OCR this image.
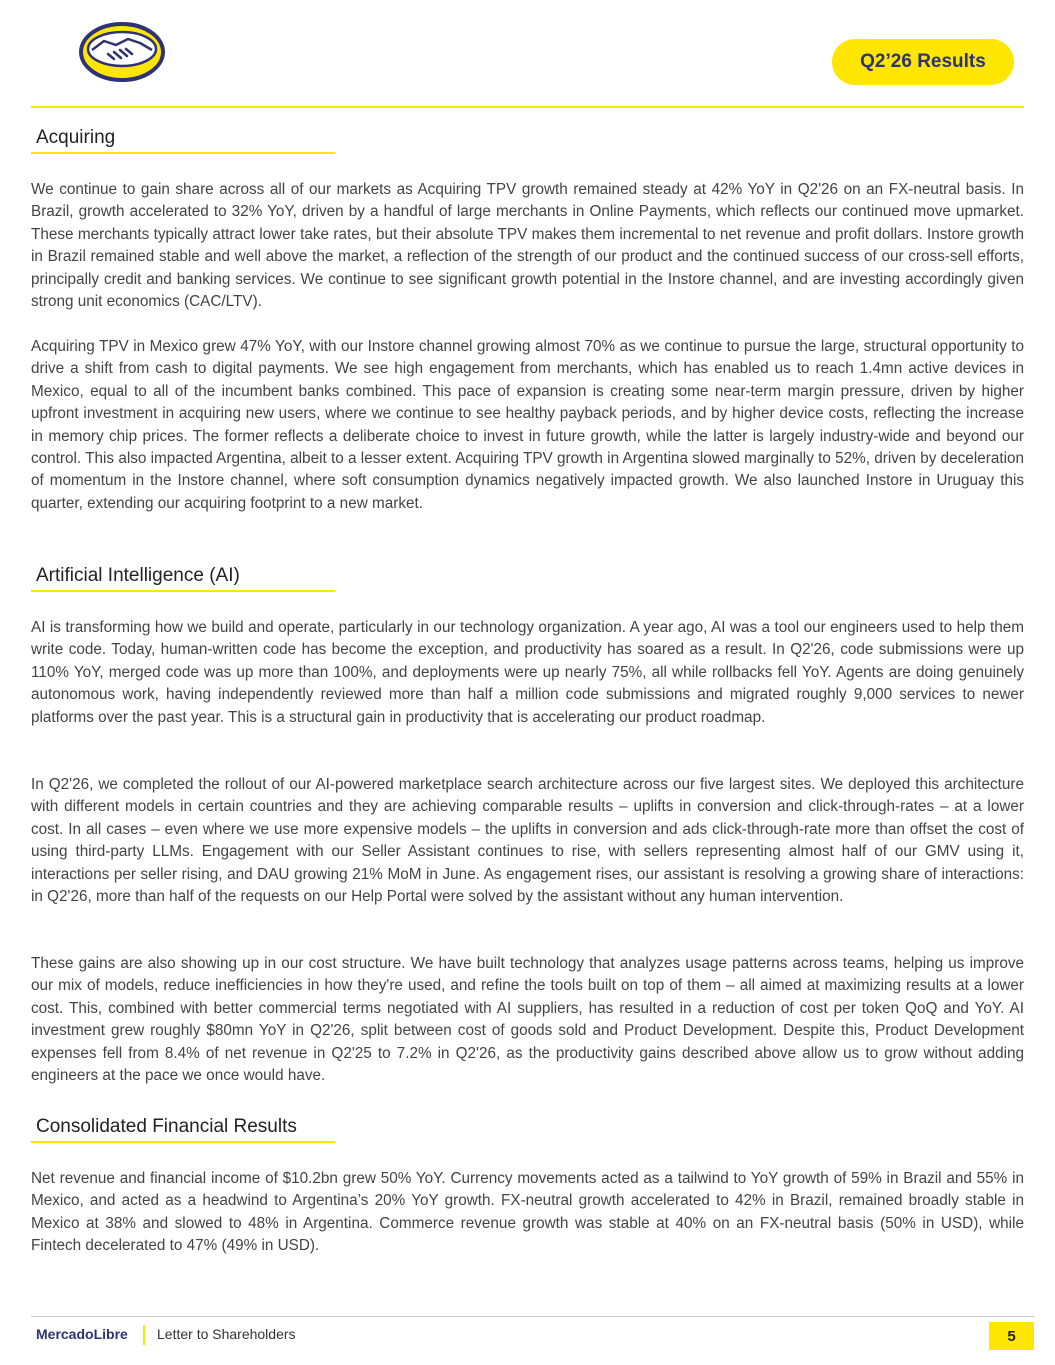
Q2’26 Results
Acquiring

We continue to gain share across all of our markets as Acquiring TPV growth remained steady at 42% YoY in Q2'26 on an FX-neutral basis. In Brazil, growth accelerated to 32% YoY, driven by a handful of large merchants in Online Payments, which reflects our continued move upmarket. These merchants typically attract lower take rates, but their absolute TPV makes them incremental to net revenue and profit dollars. Instore growth in Brazil remained stable and well above the market, a reflection of the strength of our product and the continued success of our cross-sell efforts, principally credit and banking services. We continue to see significant growth potential in the Instore channel, and are investing accordingly given strong unit economics (CAC/LTV).

Acquiring TPV in Mexico grew 47% YoY, with our Instore channel growing almost 70% as we continue to pursue the large, structural opportunity to drive a shift from cash to digital payments. We see high engagement from merchants, which has enabled us to reach 1.4mn active devices in Mexico, equal to all of the incumbent banks combined. This pace of expansion is creating some near-term margin pressure, driven by higher upfront investment in acquiring new users, where we continue to see healthy payback periods, and by higher device costs, reflecting the increase in memory chip prices. The former reflects a deliberate choice to invest in future growth, while the latter is largely industry-wide and beyond our control. This also impacted Argentina, albeit to a lesser extent. Acquiring TPV growth in Argentina slowed marginally to 52%, driven by deceleration of momentum in the Instore channel, where soft consumption dynamics negatively impacted growth. We also launched Instore in Uruguay this quarter, extending our acquiring footprint to a new market.

Artificial Intelligence (AI)

AI is transforming how we build and operate, particularly in our technology organization. A year ago, AI was a tool our engineers used to help them write code. Today, human-written code has become the exception, and productivity has soared as a result. In Q2'26, code submissions were up 110% YoY, merged code was up more than 100%, and deployments were up nearly 75%, all while rollbacks fell YoY. Agents are doing genuinely autonomous work, having independently reviewed more than half a million code submissions and migrated roughly 9,000 services to newer platforms over the past year. This is a structural gain in productivity that is accelerating our product roadmap.

In Q2'26, we completed the rollout of our AI-powered marketplace search architecture across our five largest sites. We deployed this architecture with different models in certain countries and they are achieving comparable results – uplifts in conversion and click-through-rates – at a lower cost. In all cases – even where we use more expensive models – the uplifts in conversion and ads click-through-rate more than offset the cost of using third-party LLMs. Engagement with our Seller Assistant continues to rise, with sellers representing almost half of our GMV using it, interactions per seller rising, and DAU growing 21% MoM in June. As engagement rises, our assistant is resolving a growing share of interactions: in Q2'26, more than half of the requests on our Help Portal were solved by the assistant without any human intervention.

These gains are also showing up in our cost structure. We have built technology that analyzes usage patterns across teams, helping us improve our mix of models, reduce inefficiencies in how they're used, and refine the tools built on top of them – all aimed at maximizing results at a lower cost. This, combined with better commercial terms negotiated with AI suppliers, has resulted in a reduction of cost per token QoQ and YoY. AI investment grew roughly $80mn YoY in Q2'26, split between cost of goods sold and Product Development. Despite this, Product Development expenses fell from 8.4% of net revenue in Q2'25 to 7.2% in Q2'26, as the productivity gains described above allow us to grow without adding engineers at the pace we once would have.

Consolidated Financial Results

Net revenue and financial income of $10.2bn grew 50% YoY. Currency movements acted as a tailwind to YoY growth of 59% in Brazil and 55% in Mexico, and acted as a headwind to Argentina’s 20% YoY growth. FX-neutral growth accelerated to 42% in Brazil, remained broadly stable in Mexico at 38% and slowed to 48% in Argentina. Commerce revenue growth was stable at 40% on an FX-neutral basis (50% in USD), while Fintech decelerated to 47% (49% in USD).

MercadoLibre Letter to Shareholders	5
